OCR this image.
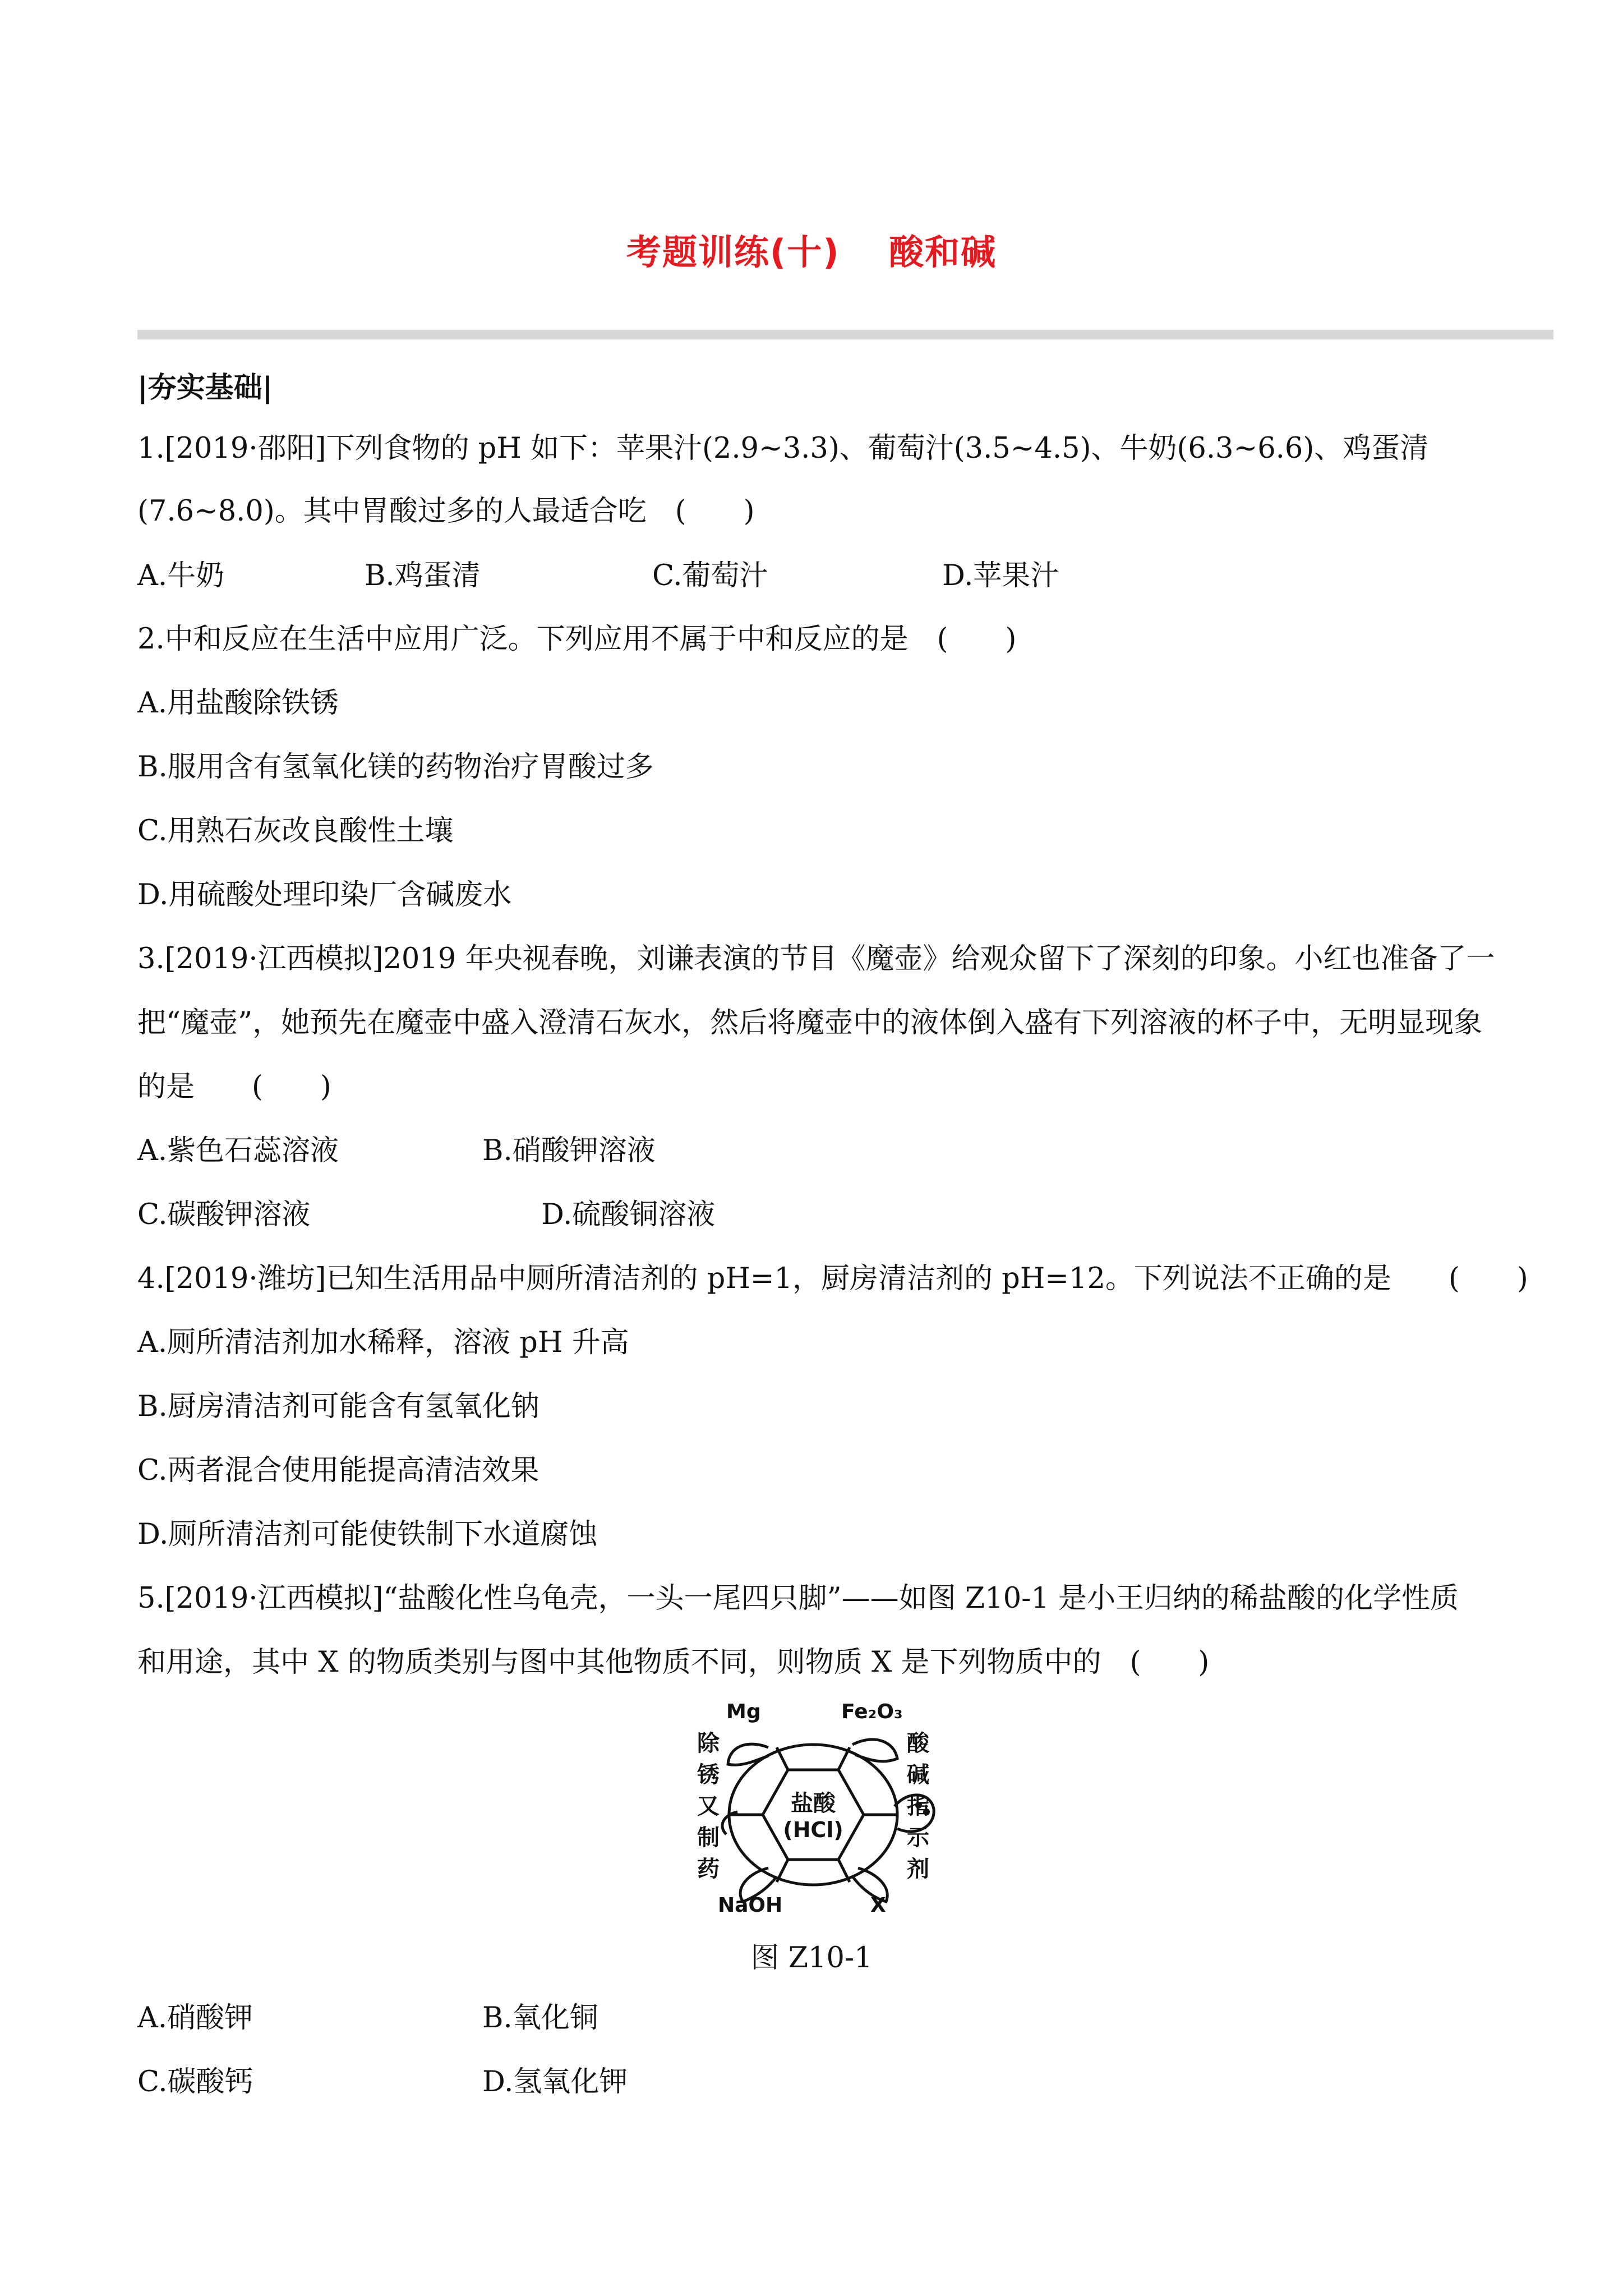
考题训练(十)　 酸和碱
|夯实基础|
1.[2019·邵阳]下列食物的 pH 如下：苹果汁(2.9~3.3)、葡萄汁(3.5~4.5)、牛奶(6.3~6.6)、鸡蛋清
(7.6~8.0)。其中胃酸过多的人最适合吃　(　　)
A.牛奶	B.鸡蛋清	C.葡萄汁	D.苹果汁
2.中和反应在生活中应用广泛。下列应用不属于中和反应的是　(　　)
A.用盐酸除铁锈
B.服用含有氢氧化镁的药物治疗胃酸过多
C.用熟石灰改良酸性土壤
D.用硫酸处理印染厂含碱废水
3.[2019·江西模拟]2019 年央视春晚，刘谦表演的节目《魔壶》给观众留下了深刻的印象。小红也准备了一
把“魔壶”，她预先在魔壶中盛入澄清石灰水，然后将魔壶中的液体倒入盛有下列溶液的杯子中，无明显现象
的是　　(　　)
A.紫色石蕊溶液	B.硝酸钾溶液
C.碳酸钾溶液	D.硫酸铜溶液
4.[2019·潍坊]已知生活用品中厕所清洁剂的 pH=1，厨房清洁剂的 pH=12。下列说法不正确的是　　(　　)
A.厕所清洁剂加水稀释，溶液 pH 升高
B.厨房清洁剂可能含有氢氧化钠
C.两者混合使用能提高清洁效果
D.厕所清洁剂可能使铁制下水道腐蚀
5.[2019·江西模拟]“盐酸化性乌龟壳，一头一尾四只脚”——如图 Z10-1 是小王归纳的稀盐酸的化学性质
和用途，其中 X 的物质类别与图中其他物质不同，则物质 X 是下列物质中的　(　　)
盐酸
(HCl)
Mg	Fe₂O₃
NaOH	X
除
锈
又
制
药
酸
碱
指
示
剂
图 Z10-1
A.硝酸钾	B.氧化铜
C.碳酸钙	D.氢氧化钾
